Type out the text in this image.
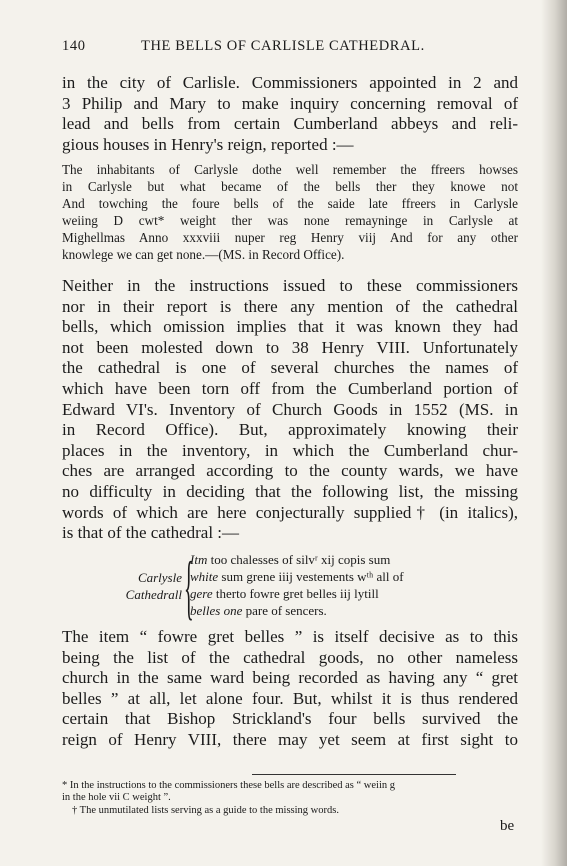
140	THE BELLS OF CARLISLE CATHEDRAL.
in the city of Carlisle. Commissioners appointed in 2 and
3 Philip and Mary to make inquiry concerning removal of
lead and bells from certain Cumberland abbeys and reli-
gious houses in Henry's reign, reported :—
The inhabitants of Carlysle dothe well remember the ffreers howses
in Carlysle but what became of the bells ther they knowe not
And towching the foure bells of the saide late ffreers in Carlysle
weiing D cwt* weight ther was none remayninge in Carlysle at
Mighellmas Anno xxxviii nuper reg Henry viij And for any other
knowlege we can get none.—(MS. in Record Office).
Neither in the instructions issued to these commissioners
nor in their report is there any mention of the cathedral
bells, which omission implies that it was known they had
not been molested down to 38 Henry VIII. Unfortunately
the cathedral is one of several churches the names of
which have been torn off from the Cumberland portion of
Edward VI's. Inventory of Church Goods in 1552 (MS. in
in Record Office). But, approximately knowing their
places in the inventory, in which the Cumberland chur-
ches are arranged according to the county wards, we have
no difficulty in deciding that the following list, the missing
words of which are here conjecturally supplied† (in italics),
is that of the cathedral :—
Carlysle
Cathedrall {
Itm too chalesses of silvʳ xij copis sum
white sum grene iiij vestements wᵗʰ all of
gere therto fowre gret belles iij lytill
belles one pare of sencers.
The item “ fowre gret belles ” is itself decisive as to this
being the list of the cathedral goods, no other nameless
church in the same ward being recorded as having any “ gret
belles ” at all, let alone four. But, whilst it is thus rendered
certain that Bishop Strickland's four bells survived the
reign of Henry VIII, there may yet seem at first sight to
* In the instructions to the commissioners these bells are described as “ weiin g
in the hole vii C weight ”.
† The unmutilated lists serving as a guide to the missing words.
be
